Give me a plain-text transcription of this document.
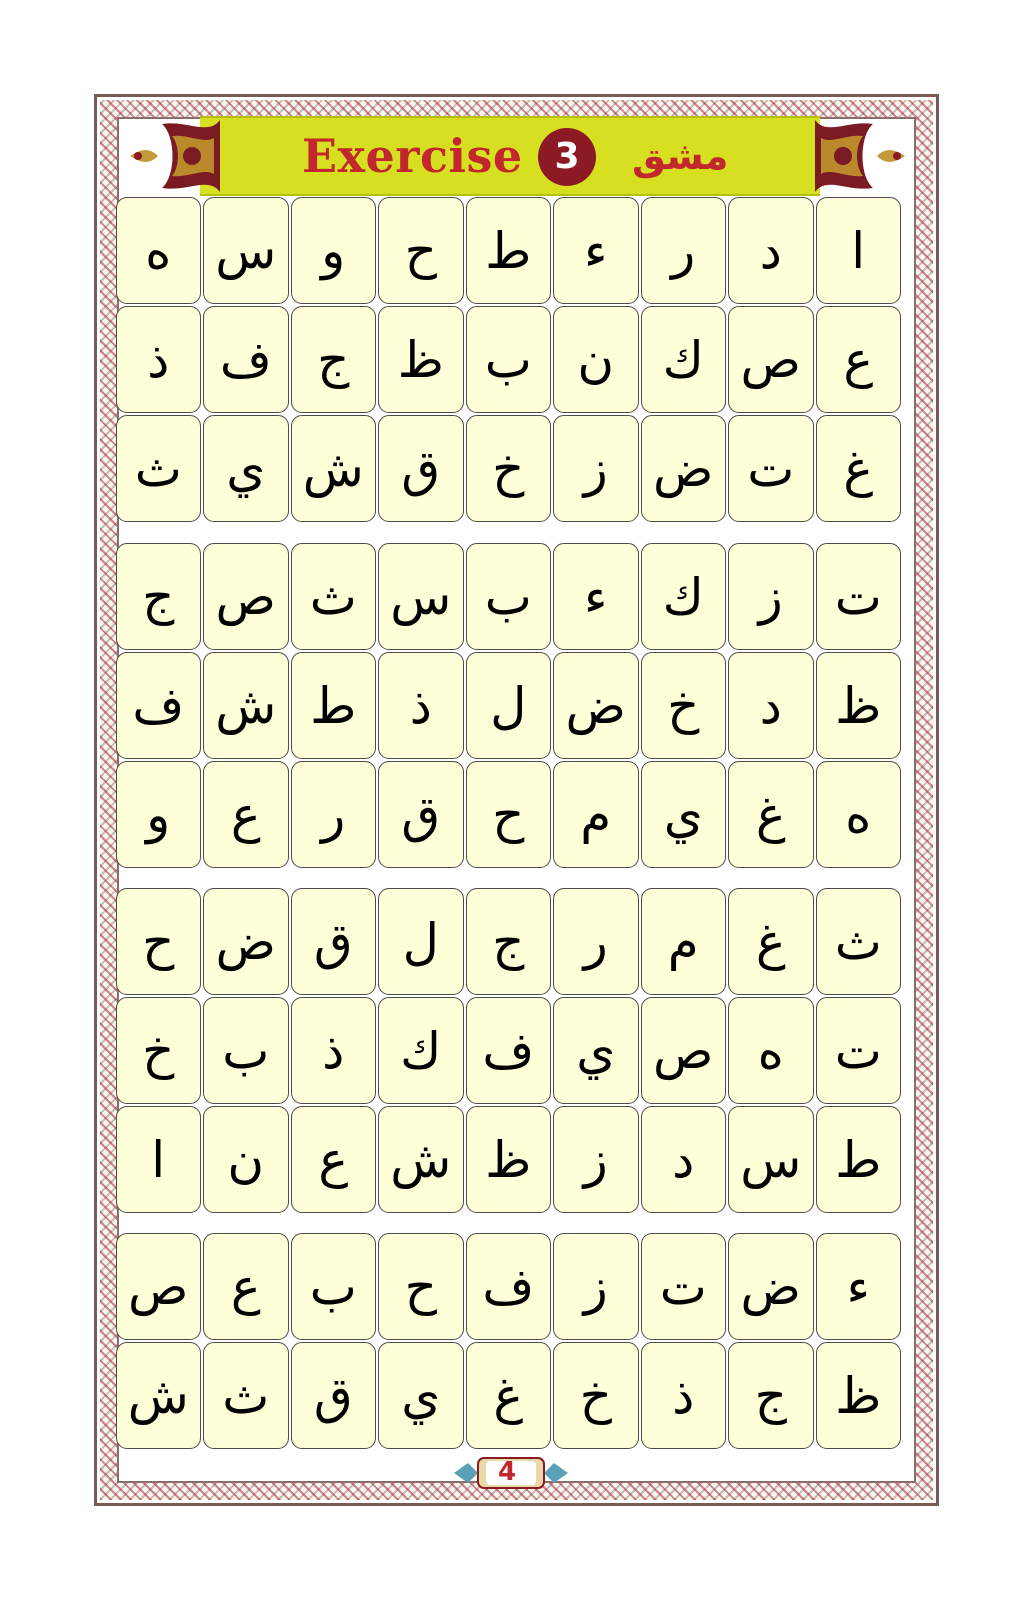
Exercise 3	مشق
ا
د
ر
ء
ط
ح
و
س
ه
ع
ص
ك
ن
ب
ظ
ج
ف
ذ
غ
ت
ض
ز
خ
ق
ش
ي
ث
ت
ز
ك
ء
ب
س
ث
ص
ج
ظ
د
خ
ض
ل
ذ
ط
ش
ف
ه
غ
ي
م
ح
ق
ر
ع
و
ث
غ
م
ر
ج
ل
ق
ض
ح
ت
ه
ص
ي
ف
ك
ذ
ب
خ
ط
س
د
ز
ظ
ش
ع
ن
ا
ء
ض
ت
ز
ف
ح
ب
ع
ص
ظ
ج
ذ
خ
غ
ي
ق
ث
ش
4
